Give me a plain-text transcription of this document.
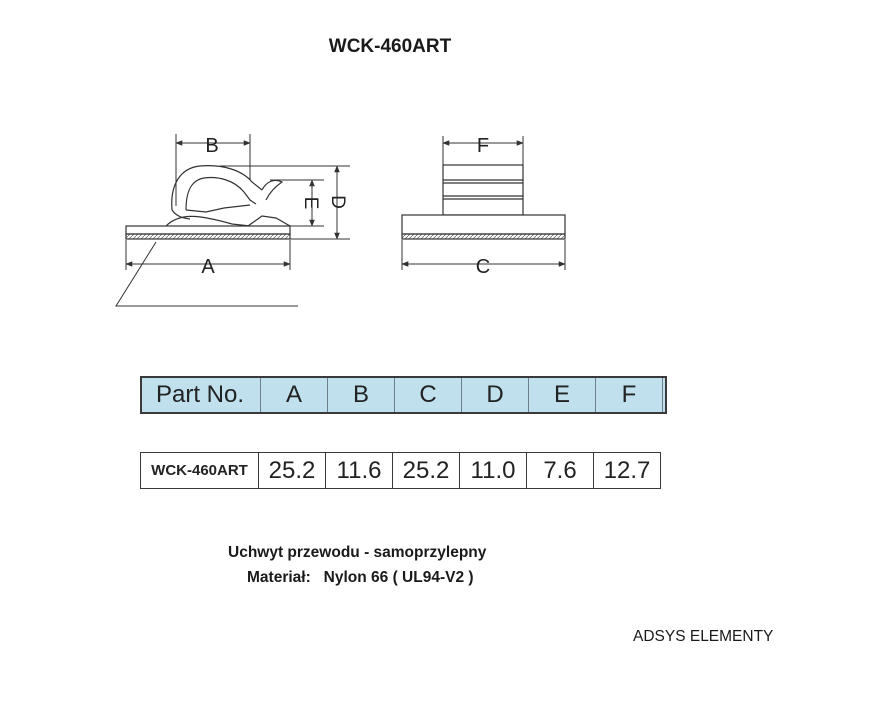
WCK-460ART
B
A
E D
F
C
Part No.	A	B	C	D	E	F	
WCK-460ART	25.2	11.6	25.2	11.0	7.6	12.7
Uchwyt przewodu - samoprzylepny
Materiał: Nylon 66 ( UL94-V2 )
ADSYS ELEMENTY
